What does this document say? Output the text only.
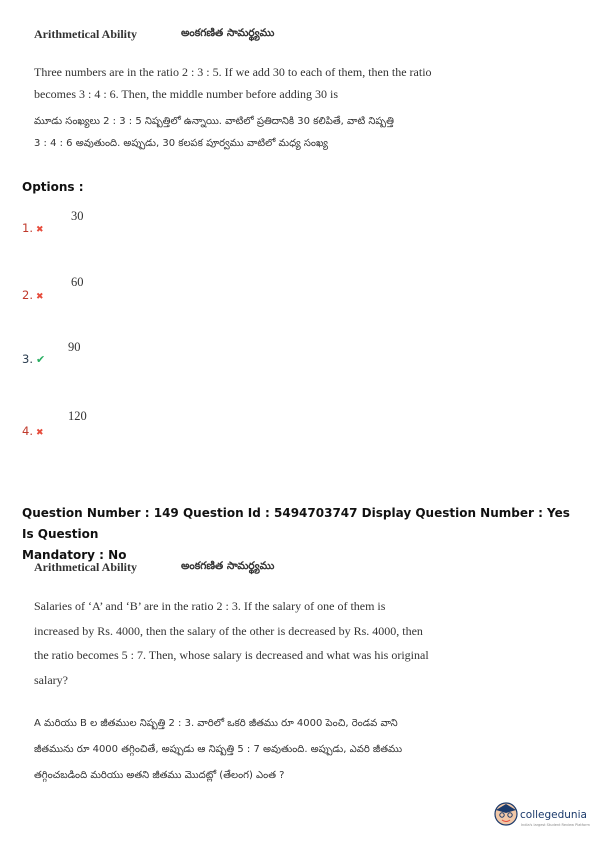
Arithmetical Ability	అంకగణిత సామర్థ్యము
Three numbers are in the ratio 2 : 3 : 5. If we add 30 to each of them, then the ratio
becomes 3 : 4 : 6. Then, the middle number before adding 30 is
మూడు సంఖ్యలు 2 : 3 : 5 నిష్పత్తిలో ఉన్నాయి. వాటిలో ప్రతిదానికి 30 కలిపితే, వాటి నిష్పత్తి
3 : 4 : 6 అవుతుంది. అప్పుడు, 30 కలపక పూర్వము వాటిలో మధ్య సంఖ్య
Options :
30
1. ✖
60
2. ✖
90
3. ✔
120
4. ✖
Question Number : 149 Question Id : 5494703747 Display Question Number : Yes Is Question
Mandatory : No
Arithmetical Ability	అంకగణిత సామర్థ్యము
Salaries of ‘A’ and ‘B’ are in the ratio 2 : 3. If the salary of one of them is
increased by Rs. 4000, then the salary of the other is decreased by Rs. 4000, then
the ratio becomes 5 : 7. Then, whose salary is decreased and what was his original
salary?
A మరియు B ల జీతముల నిష్పత్తి 2 : 3. వారిలో ఒకరి జీతము రూ 4000 పెంచి, రెండవ వాని
జీతమును రూ 4000 తగ్గించితే, అప్పుడు ఆ నిష్పత్తి 5 : 7 అవుతుంది. అప్పుడు, ఎవరి జీతము
తగ్గించబడింది మరియు అతని జీతము మొదట్లో (తేలంగ) ఎంత ?
collegedunia
India's largest Student Review Platform
